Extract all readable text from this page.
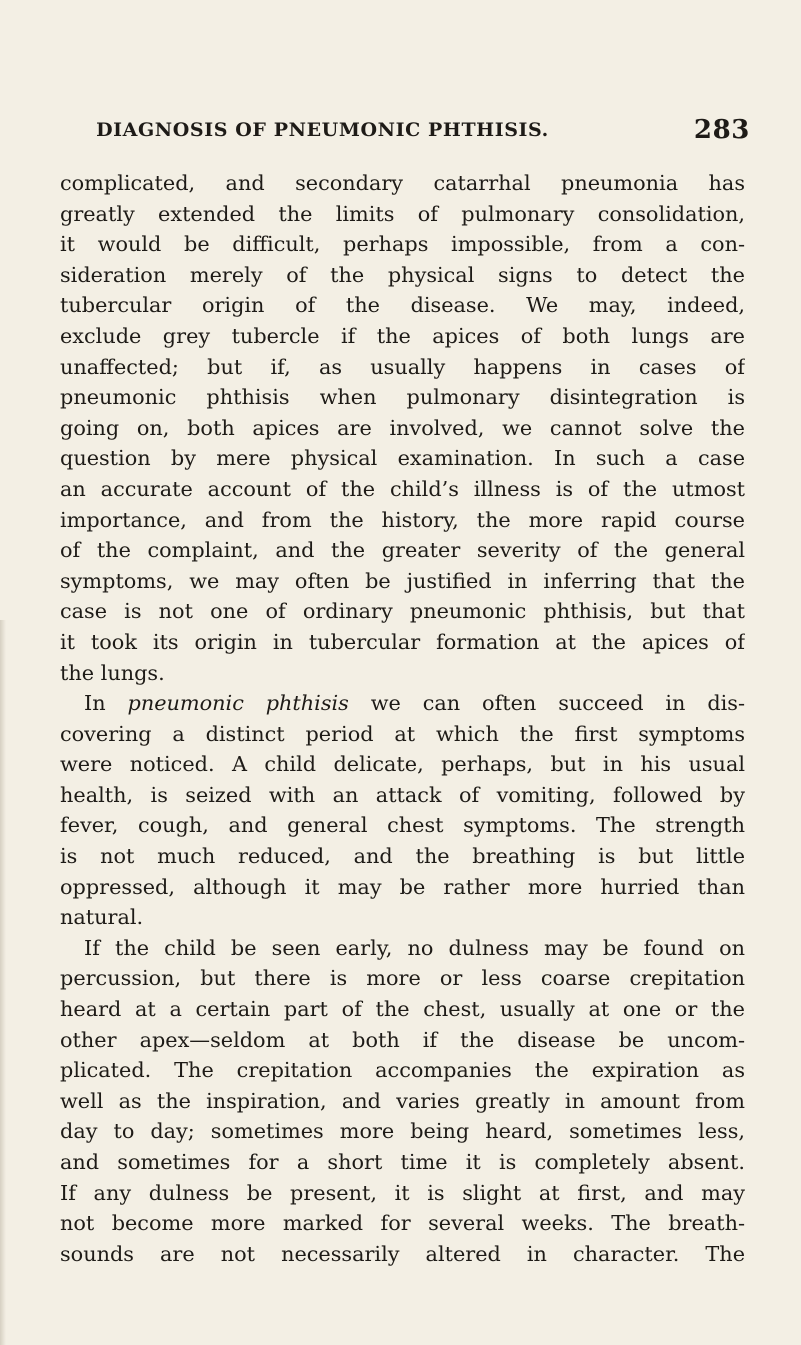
DIAGNOSIS OF PNEUMONIC PHTHISIS.	283
complicated, and secondary catarrhal pneumonia has
greatly extended the limits of pulmonary consolidation,
it would be difficult, perhaps impossible, from a con-
sideration merely of the physical signs to detect the
tubercular origin of the disease. We may, indeed,
exclude grey tubercle if the apices of both lungs are
unaffected; but if, as usually happens in cases of
pneumonic phthisis when pulmonary disintegration is
going on, both apices are involved, we cannot solve the
question by mere physical examination. In such a case
an accurate account of the child’s illness is of the utmost
importance, and from the history, the more rapid course
of the complaint, and the greater severity of the general
symptoms, we may often be justified in inferring that the
case is not one of ordinary pneumonic phthisis, but that
it took its origin in tubercular formation at the apices of
the lungs.
In pneumonic phthisis we can often succeed in dis-
covering a distinct period at which the first symptoms
were noticed. A child delicate, perhaps, but in his usual
health, is seized with an attack of vomiting, followed by
fever, cough, and general chest symptoms. The strength
is not much reduced, and the breathing is but little
oppressed, although it may be rather more hurried than
natural.
If the child be seen early, no dulness may be found on
percussion, but there is more or less coarse crepitation
heard at a certain part of the chest, usually at one or the
other apex—seldom at both if the disease be uncom-
plicated. The crepitation accompanies the expiration as
well as the inspiration, and varies greatly in amount from
day to day; sometimes more being heard, sometimes less,
and sometimes for a short time it is completely absent.
If any dulness be present, it is slight at first, and may
not become more marked for several weeks. The breath-
sounds are not necessarily altered in character. The
